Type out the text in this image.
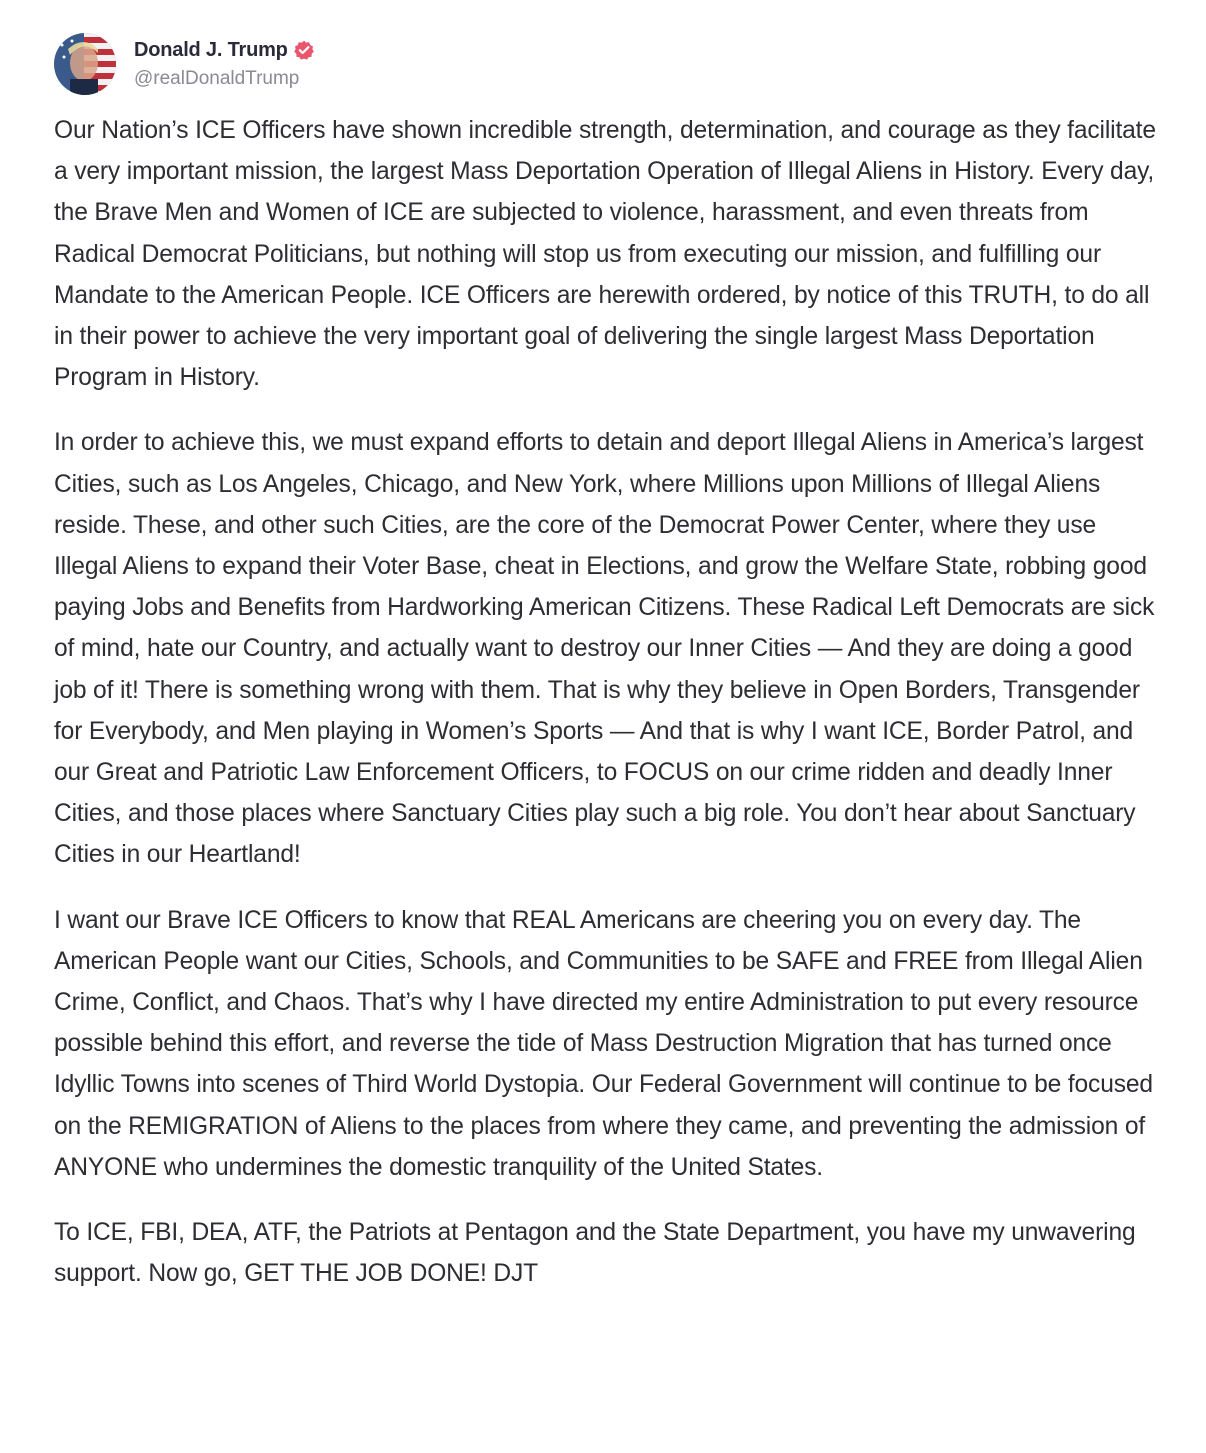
Donald J. Trump
@realDonaldTrump

Our Nation’s ICE Officers have shown incredible strength, determination, and courage as they facilitate a very important mission, the largest Mass Deportation Operation of Illegal Aliens in History. Every day, the Brave Men and Women of ICE are subjected to violence, harassment, and even threats from Radical Democrat Politicians, but nothing will stop us from executing our mission, and fulfilling our Mandate to the American People. ICE Officers are herewith ordered, by notice of this TRUTH, to do all in their power to achieve the very important goal of delivering the single largest Mass Deportation Program in History.

In order to achieve this, we must expand efforts to detain and deport Illegal Aliens in America’s largest Cities, such as Los Angeles, Chicago, and New York, where Millions upon Millions of Illegal Aliens reside. These, and other such Cities, are the core of the Democrat Power Center, where they use Illegal Aliens to expand their Voter Base, cheat in Elections, and grow the Welfare State, robbing good paying Jobs and Benefits from Hardworking American Citizens. These Radical Left Democrats are sick of mind, hate our Country, and actually want to destroy our Inner Cities — And they are doing a good job of it! There is something wrong with them. That is why they believe in Open Borders, Transgender for Everybody, and Men playing in Women’s Sports — And that is why I want ICE, Border Patrol, and our Great and Patriotic Law Enforcement Officers, to FOCUS on our crime ridden and deadly Inner Cities, and those places where Sanctuary Cities play such a big role. You don’t hear about Sanctuary Cities in our Heartland!

I want our Brave ICE Officers to know that REAL Americans are cheering you on every day. The American People want our Cities, Schools, and Communities to be SAFE and FREE from Illegal Alien Crime, Conflict, and Chaos. That’s why I have directed my entire Administration to put every resource possible behind this effort, and reverse the tide of Mass Destruction Migration that has turned once Idyllic Towns into scenes of Third World Dystopia. Our Federal Government will continue to be focused on the REMIGRATION of Aliens to the places from where they came, and preventing the admission of ANYONE who undermines the domestic tranquility of the United States.

To ICE, FBI, DEA, ATF, the Patriots at Pentagon and the State Department, you have my unwavering support. Now go, GET THE JOB DONE! DJT
